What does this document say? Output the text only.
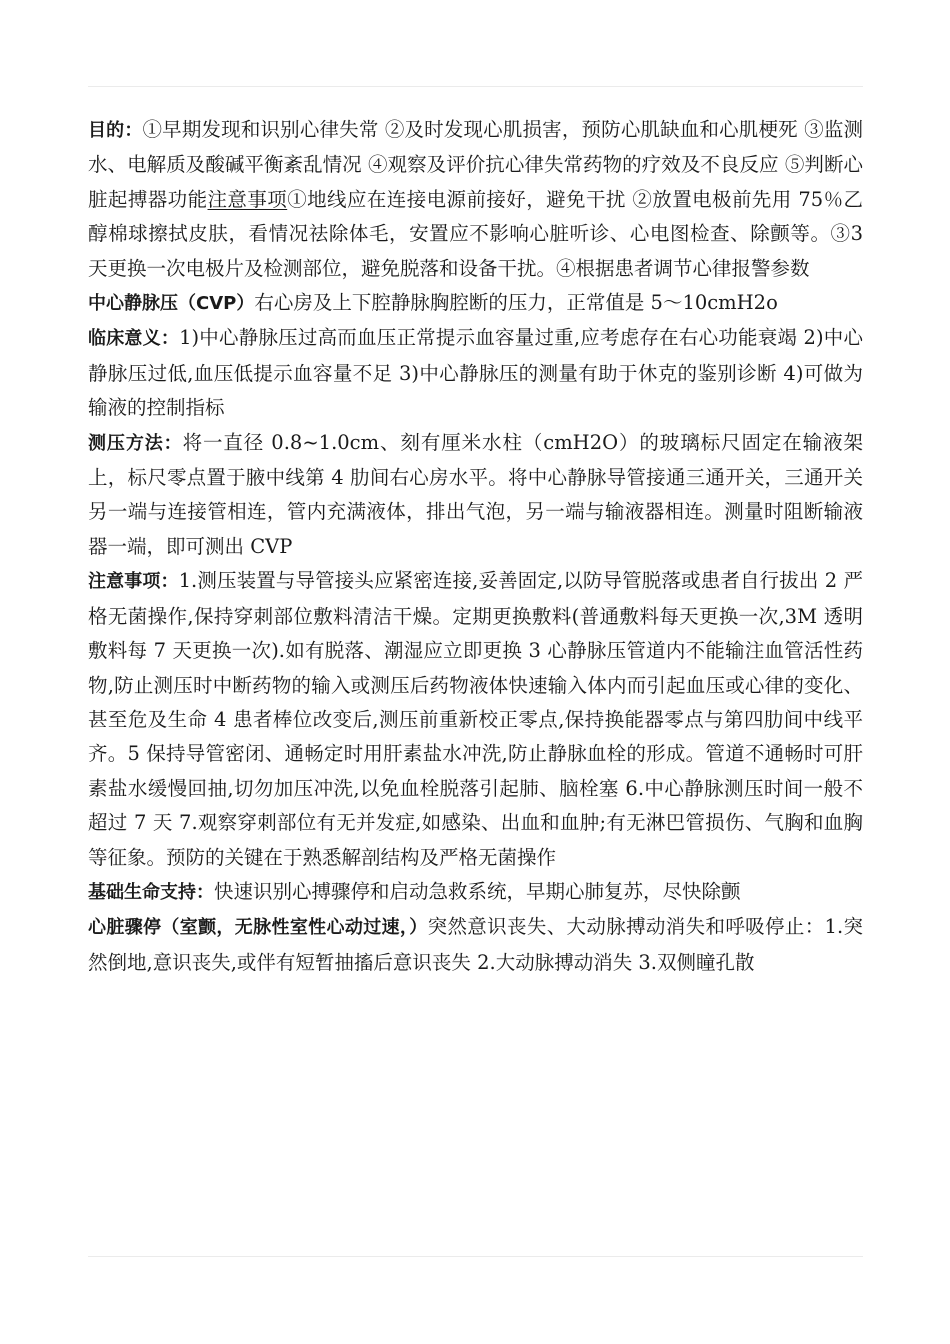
目的：①早期发现和识别心律失常 ②及时发现心肌损害，预防心肌缺血和心肌梗死 ③监测水、电解质及酸碱平衡紊乱情况 ④观察及评价抗心律失常药物的疗效及不良反应 ⑤判断心脏起搏器功能注意事项①地线应在连接电源前接好，避免干扰 ②放置电极前先用 75％乙醇棉球擦拭皮肤，看情况祛除体毛，安置应不影响心脏听诊、心电图检查、除颤等。③3 天更换一次电极片及检测部位，避免脱落和设备干扰。④根据患者调节心律报警参数

中心静脉压（CVP）右心房及上下腔静脉胸腔断的压力，正常值是 5～10cmH2o

临床意义：1)中心静脉压过高而血压正常提示血容量过重,应考虑存在右心功能衰竭 2)中心静脉压过低,血压低提示血容量不足 3)中心静脉压的测量有助于休克的鉴别诊断 4)可做为输液的控制指标

测压方法：将一直径 0.8~1.0cm、刻有厘米水柱（cmH2O）的玻璃标尺固定在输液架上，标尺零点置于腋中线第 4 肋间右心房水平。将中心静脉导管接通三通开关，三通开关另一端与连接管相连，管内充满液体，排出气泡，另一端与输液器相连。测量时阻断输液器一端，即可测出 CVP

注意事项：1.测压装置与导管接头应紧密连接,妥善固定,以防导管脱落或患者自行拔出 2 严格无菌操作,保持穿刺部位敷料清洁干燥。定期更换敷料(普通敷料每天更换一次,3M 透明敷料每 7 天更换一次).如有脱落、潮湿应立即更换 3 心静脉压管道内不能输注血管活性药物,防止测压时中断药物的输入或测压后药物液体快速输入体内而引起血压或心律的变化、甚至危及生命 4 患者棒位改变后,测压前重新校正零点,保持换能器零点与第四肋间中线平齐。5 保持导管密闭、通畅定时用肝素盐水冲洗,防止静脉血栓的形成。管道不通畅时可肝素盐水缓慢回抽,切勿加压冲洗,以免血栓脱落引起肺、脑栓塞 6.中心静脉测压时间一般不超过 7 天 7.观察穿刺部位有无并发症,如感染、出血和血肿;有无淋巴管损伤、气胸和血胸等征象。预防的关键在于熟悉解剖结构及严格无菌操作

基础生命支持：快速识别心搏骤停和启动急救系统，早期心肺复苏，尽快除颤

心脏骤停（室颤，无脉性室性心动过速，）突然意识丧失、大动脉搏动消失和呼吸停止：1.突然倒地,意识丧失,或伴有短暂抽搐后意识丧失 2.大动脉搏动消失 3.双侧瞳孔散
